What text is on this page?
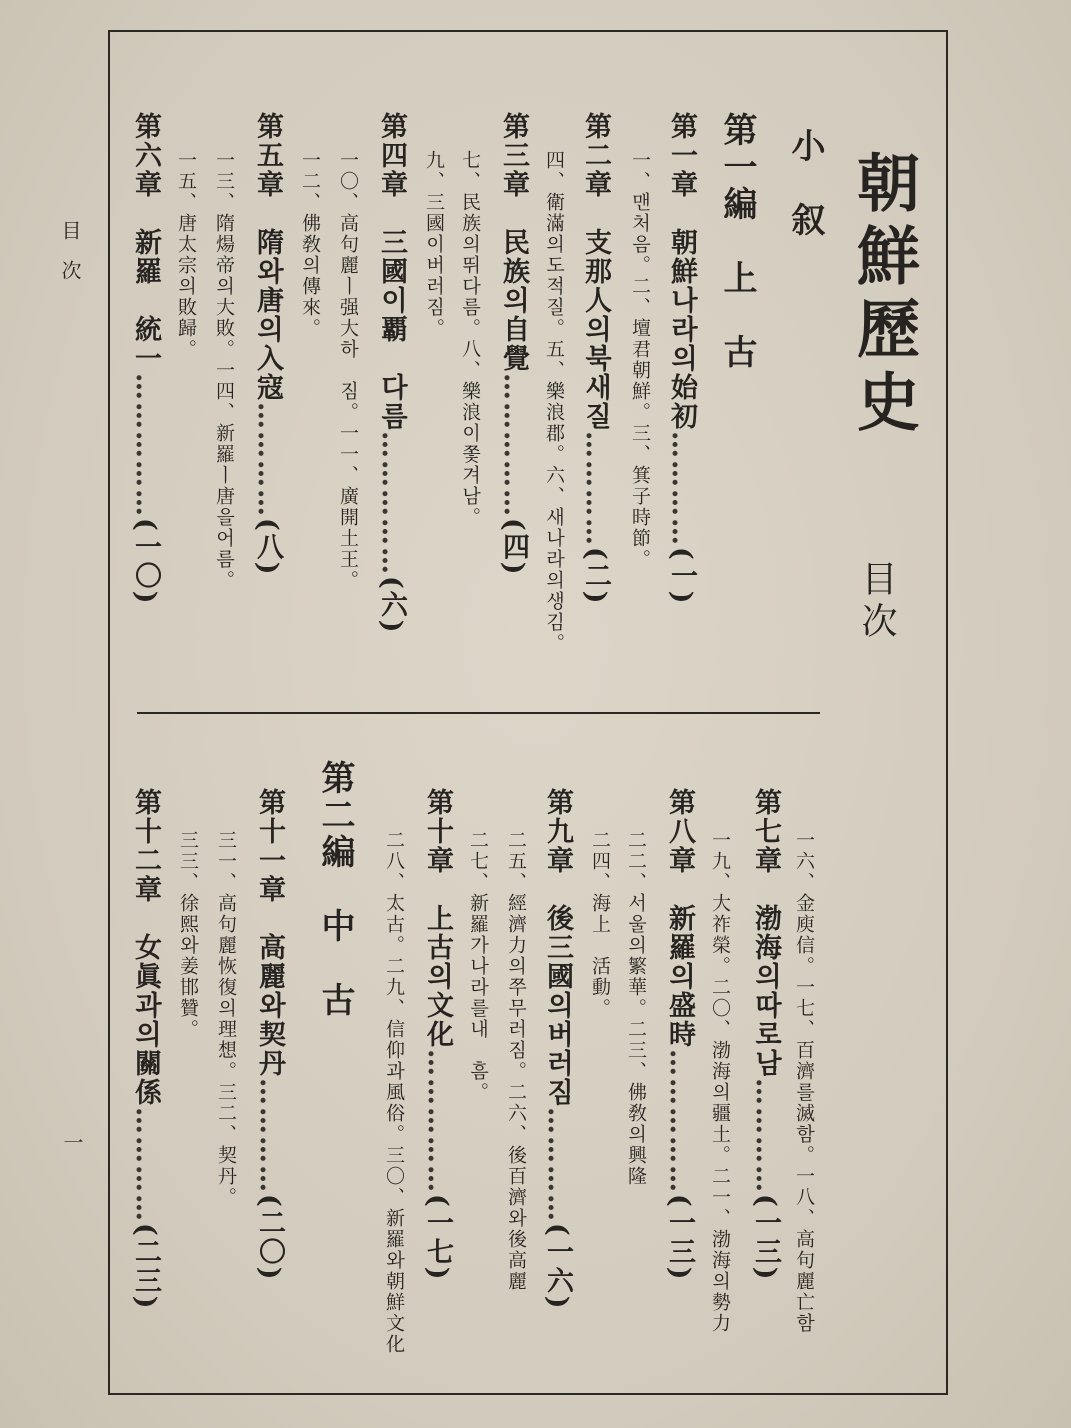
朝鮮歷史
目次
小　叙
第一編　上　古
第一章　朝鮮나라의始初…………(一)
一、맨처음。二、壇君朝鮮。三、箕子時節。
第二章　支那人의북새질…………(二)
四、衛滿의도적질。五、樂浪郡。六、새나라의생김。
第三章　民族의自覺……………(四)
七、民族의뛰다름。八、樂浪이쫓겨남。
九、三國이버러짐。
第四章　三國이覇　다름……………(六)
一〇、高句麗ㅣ强大하　짐。一一、廣開土王。
一二、佛敎의傳來。
第五章　隋와唐의入寇…………(八)
一三、隋煬帝의大敗。一四、新羅ㅣ唐을어름。
一五、唐太宗의敗歸。
第六章　新羅　統一……………(一〇)
一六、金庾信。一七、百濟를滅함。一八、高句麗亡함
第七章　渤海의따로남…………(一三)
一九、大祚榮。二〇、渤海의疆土。二一、渤海의勢力
第八章　新羅의盛時……………(一三)
二二、서울의繁華。二三、佛敎의興隆
二四、海上　活動。
第九章　後三國의버러짐…………(一六)
二五、經濟力의쭈무러짐。二六、後百濟와後高麗
二七、新羅가나라를내　흠。
第十章　上古의文化……………(一七)
二八、太古。二九、信仰과風俗。三〇、新羅와朝鮮文化
第二編　中　古
第十一章　高麗와契丹…………(二〇)
三一、高句麗恢復의理想。三二、契丹。
三三、徐熙와姜邯贊。
第十二章　女眞과의關係…………(二三)
目　次
一
